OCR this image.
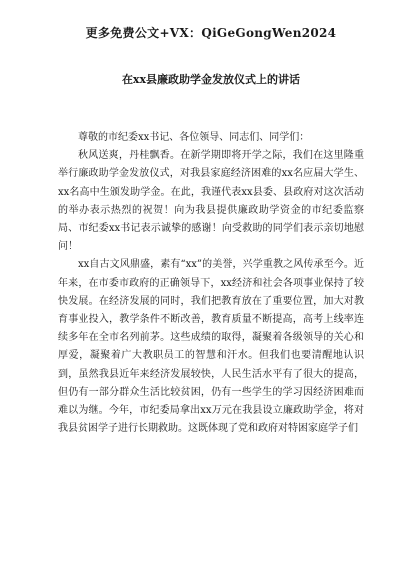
更多免费公文+VX：QiGeGongWen2024
在xx县廉政助学金发放仪式上的讲话

尊敬的市纪委xx书记、各位领导、同志们、同学们：

秋风送爽，丹桂飘香。在新学期即将开学之际，我们在这里隆重举行廉政助学金发放仪式，对我县家庭经济困难的xx名应届大学生、xx名高中生颁发助学金。在此，我谨代表xx县委、县政府对这次活动的举办表示热烈的祝贺！向为我县提供廉政助学资金的市纪委监察局、市纪委xx书记表示诚挚的感谢！向受救助的同学们表示亲切地慰问！

xx自古文风鼎盛，素有“xx”的美誉，兴学重教之风传承至今。近年来，在市委市政府的正确领导下，xx经济和社会各项事业保持了较快发展。在经济发展的同时，我们把教育放在了重要位置，加大对教育事业投入，教学条件不断改善，教育质量不断提高，高考上线率连续多年在全市名列前茅。这些成绩的取得，凝聚着各级领导的关心和厚爱，凝聚着广大教职员工的智慧和汗水。但我们也要清醒地认识到，虽然我县近年来经济发展较快，人民生活水平有了很大的提高，但仍有一部分群众生活比较贫困，仍有一些学生的学习因经济困难而难以为继。今年，市纪委局拿出xx万元在我县设立廉政助学金，将对我县贫困学子进行长期救助。这既体现了党和政府对特困家庭学子们
